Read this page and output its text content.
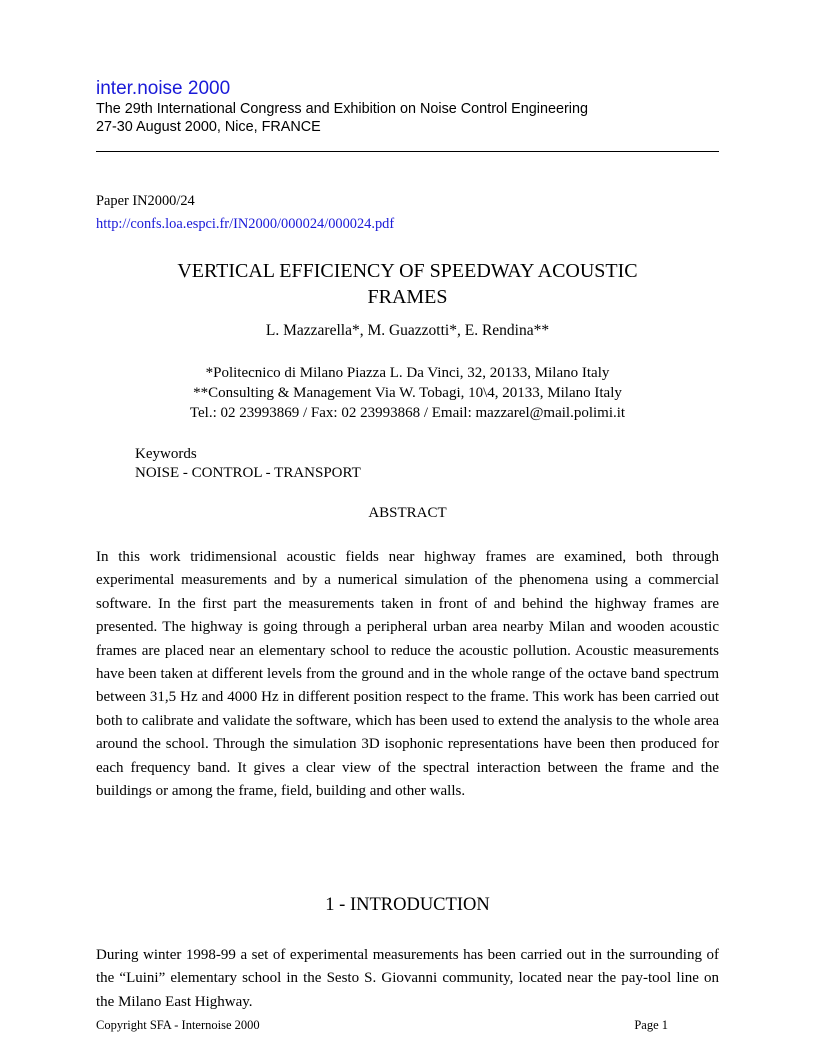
inter.noise 2000
The 29th International Congress and Exhibition on Noise Control Engineering
27-30 August 2000, Nice, FRANCE
Paper IN2000/24
http://confs.loa.espci.fr/IN2000/000024/000024.pdf
VERTICAL EFFICIENCY OF SPEEDWAY ACOUSTIC
FRAMES
L. Mazzarella*, M. Guazzotti*, E. Rendina**
*Politecnico di Milano Piazza L. Da Vinci, 32, 20133, Milano Italy
**Consulting & Management Via W. Tobagi, 10\4, 20133, Milano Italy
Tel.: 02 23993869 / Fax: 02 23993868 / Email: mazzarel@mail.polimi.it
Keywords
NOISE - CONTROL - TRANSPORT
ABSTRACT
In this work tridimensional acoustic fields near highway frames are examined, both through experimental measurements and by a numerical simulation of the phenomena using a commercial software. In the first part the measurements taken in front of and behind the highway frames are presented. The highway is going through a peripheral urban area nearby Milan and wooden acoustic frames are placed near an elementary school to reduce the acoustic pollution. Acoustic measurements have been taken at different levels from the ground and in the whole range of the octave band spectrum between 31,5 Hz and 4000 Hz in different position respect to the frame. This work has been carried out both to calibrate and validate the software, which has been used to extend the analysis to the whole area around the school. Through the simulation 3D isophonic representations have been then produced for each frequency band. It gives a clear view of the spectral interaction between the frame and the buildings or among the frame, field, building and other walls.
1 - INTRODUCTION
During winter 1998-99 a set of experimental measurements has been carried out in the surrounding of the “Luini” elementary school in the Sesto S. Giovanni community, located near the pay-tool line on the Milano East Highway.
Copyright SFA - Internoise 2000	Page 1
